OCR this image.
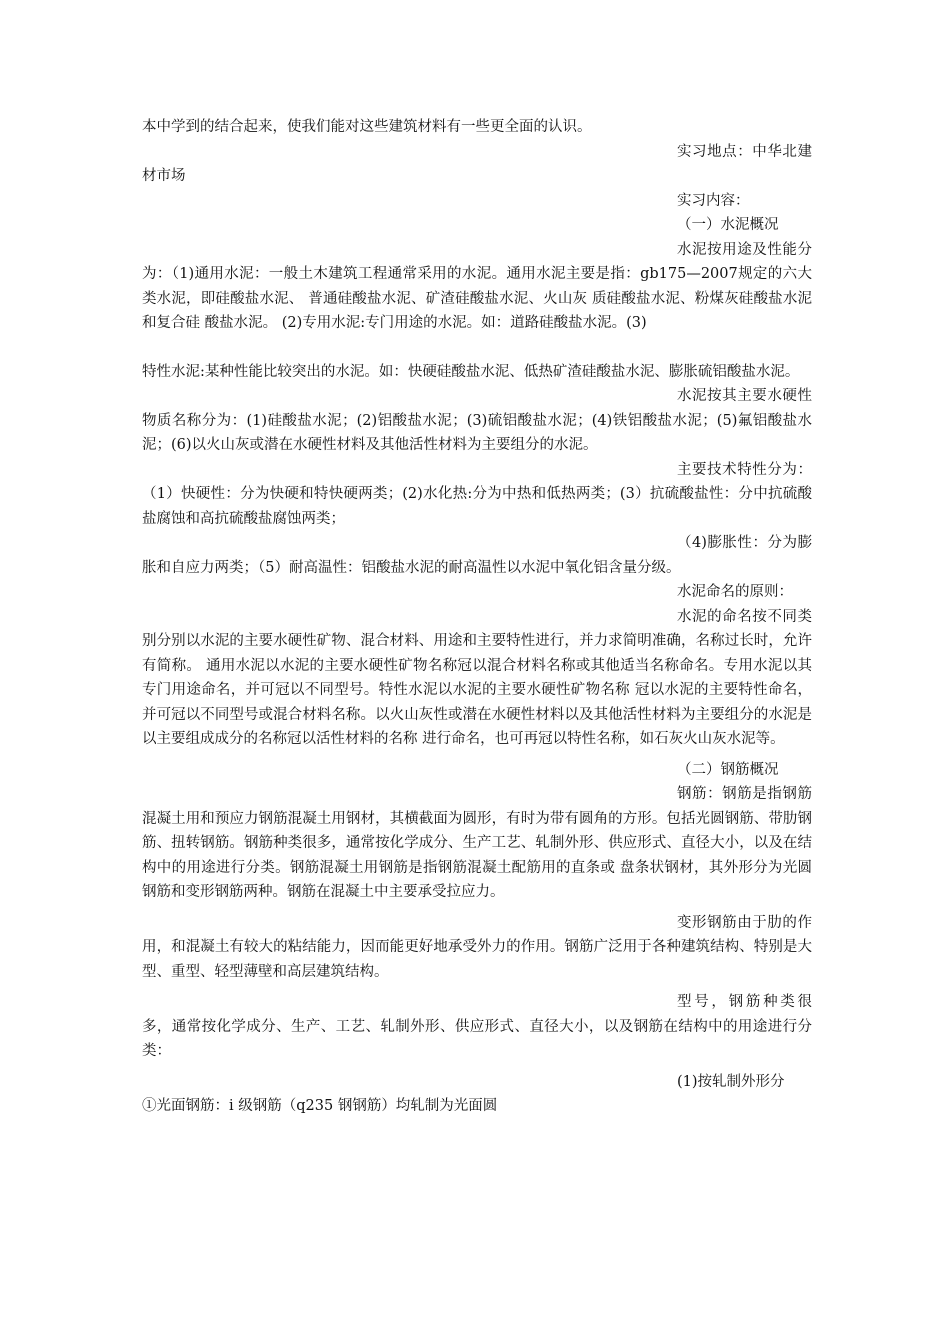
本中学到的结合起来，使我们能对这些建筑材料有一些更全面的认识。

实习地点：中华北建材市场

实习内容：

（一）水泥概况

水泥按用途及性能分为：（1)通用水泥：一般土木建筑工程通常采用的水泥。通用水泥主要是指：gb175—2007规定的六大类水泥，即硅酸盐水泥、 普通硅酸盐水泥、矿渣硅酸盐水泥、火山灰 质硅酸盐水泥、粉煤灰硅酸盐水泥和复合硅 酸盐水泥。 (2)专用水泥:专门用途的水泥。如：道路硅酸盐水泥。(3)

特性水泥:某种性能比较突出的水泥。如：快硬硅酸盐水泥、低热矿渣硅酸盐水泥、膨胀硫铝酸盐水泥。

水泥按其主要水硬性物质名称分为：(1)硅酸盐水泥；(2)铝酸盐水泥；(3)硫铝酸盐水泥；(4)铁铝酸盐水泥；(5)氟铝酸盐水泥；(6)以火山灰或潜在水硬性材料及其他活性材料为主要组分的水泥。

主要技术特性分为：（1）快硬性：分为快硬和特快硬两类；(2)水化热:分为中热和低热两类；(3）抗硫酸盐性：分中抗硫酸盐腐蚀和高抗硫酸盐腐蚀两类；

（4)膨胀性：分为膨胀和自应力两类；（5）耐高温性：铝酸盐水泥的耐高温性以水泥中氧化铝含量分级。

水泥命名的原则：

水泥的命名按不同类别分别以水泥的主要水硬性矿物、混合材料、用途和主要特性进行，并力求简明准确，名称过长时，允许有简称。 通用水泥以水泥的主要水硬性矿物名称冠以混合材料名称或其他适当名称命名。专用水泥以其专门用途命名，并可冠以不同型号。特性水泥以水泥的主要水硬性矿物名称 冠以水泥的主要特性命名，并可冠以不同型号或混合材料名称。以火山灰性或潜在水硬性材料以及其他活性材料为主要组分的水泥是以主要组成成分的名称冠以活性材料的名称 进行命名，也可再冠以特性名称，如石灰火山灰水泥等。

（二）钢筋概况

钢筋：钢筋是指钢筋混凝土用和预应力钢筋混凝土用钢材，其横截面为圆形，有时为带有圆角的方形。包括光圆钢筋、带肋钢筋、扭转钢筋。钢筋种类很多，通常按化学成分、生产工艺、轧制外形、供应形式、直径大小，以及在结构中的用途进行分类。钢筋混凝土用钢筋是指钢筋混凝土配筋用的直条或 盘条状钢材，其外形分为光圆钢筋和变形钢筋两种。钢筋在混凝土中主要承受拉应力。

变形钢筋由于肋的作用，和混凝土有较大的粘结能力，因而能更好地承受外力的作用。钢筋广泛用于各种建筑结构、特别是大型、重型、轻型薄壁和高层建筑结构。

型号，钢筋种类很多，通常按化学成分、生产、工艺、轧制外形、供应形式、直径大小，以及钢筋在结构中的用途进行分类：

(1)按轧制外形分

①光面钢筋：i 级钢筋（q235 钢钢筋）均轧制为光面圆
